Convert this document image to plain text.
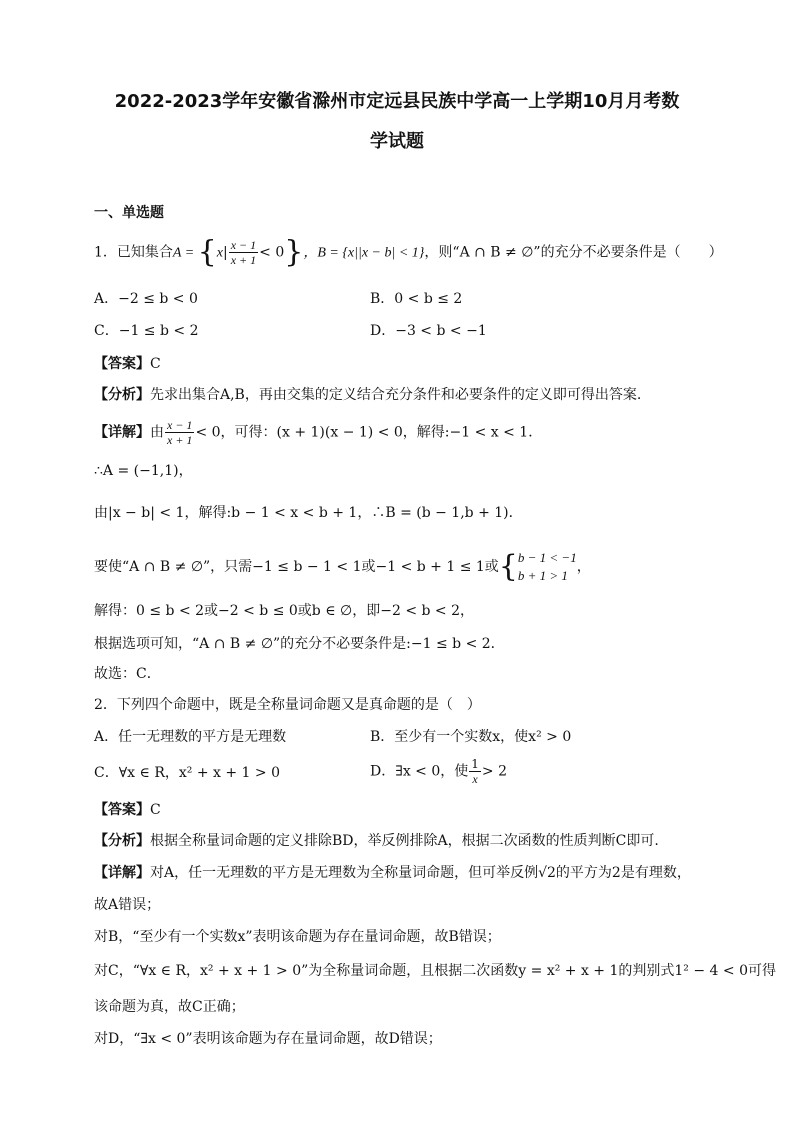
2022-2023学年安徽省滁州市定远县民族中学高一上学期10月月考数
学试题
一、单选题
1．已知集合$A = \{x| \frac{x - 1}{x + 1} < 0\}$，B = {x||x − b| < 1}，则“A ∩ B ≠ ∅”的充分不必要条件是（　　）
A．−2 ≤ b < 0	B．0 < b ≤ 2
C．−1 ≤ b < 2	D．−3 < b < −1
【答案】C
【分析】先求出集合A,B，再由交集的定义结合充分条件和必要条件的定义即可得出答案.
【详解】由 $\frac{x - 1}{x + 1} < 0$，可得：(x + 1)(x − 1) < 0，解得:−1 < x < 1．
∴A = (−1,1)，
由|x − b| < 1，解得:b − 1 < x < b + 1，∴B = (b − 1,b + 1)．
要使“A ∩ B ≠ ∅”，只需−1 ≤ b − 1 < 1或−1 < b + 1 ≤ 1或{ b − 1 < −1
b + 1 > 1
，
解得：0 ≤ b < 2或−2 < b ≤ 0或b ∈ ∅，即−2 < b < 2，
根据选项可知，“A ∩ B ≠ ∅”的充分不必要条件是:−1 ≤ b < 2．
故选：C．
2．下列四个命题中，既是全称量词命题又是真命题的是（　）
A．任一无理数的平方是无理数	B．至少有一个实数x，使x² > 0
C．∀x ∈ R，x² + x + 1 > 0	D．∃x < 0，使 $\frac{1}{x} > 2$
【答案】C
【分析】根据全称量词命题的定义排除BD，举反例排除A，根据二次函数的性质判断C即可.
【详解】对A，任一无理数的平方是无理数为全称量词命题，但可举反例√2的平方为2是有理数，
故A错误；
对B，“至少有一个实数x”表明该命题为存在量词命题，故B错误；
对C，“∀x ∈ R，x² + x + 1 > 0”为全称量词命题，且根据二次函数y = x² + x + 1的判别式1² − 4 < 0可得
该命题为真，故C正确；
对D，“∃x < 0”表明该命题为存在量词命题，故D错误；
